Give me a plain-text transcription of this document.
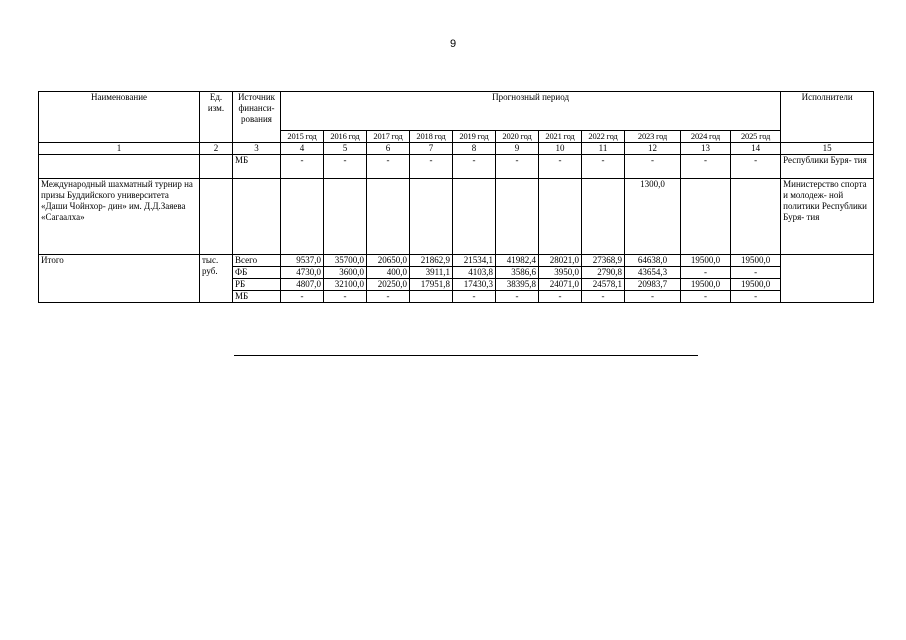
9
Наименование	Ед. изм.	Источник финанси- рования	Прогнозный период											Исполнители
			2015 год	2016 год	2017 год	2018 год	2019 год	2020 год	2021 год	2022 год	2023 год	2024 год	2025 год	
1	2	3	4	5	6	7	8	9	10	11	12	13	14	15
		МБ	-	-	-	-	-	-	-	-	-	-	-	Республики Буря- тия
Международный шахматный турнир на призы Буддийского университета «Даши Чойнхор- дин» им. Д.Д.Заяева «Сагаалха»											1300,0			Министерство спорта и молодеж- ной политики Республики Буря- тия
Итого	тыс. руб.	Всего	9537,0	35700,0	20650,0	21862,9	21534,1	41982,4	28021,0	27368,9	64638,0	19500,0	19500,0	
		ФБ	4730,0	3600,0	400,0	3911,1	4103,8	3586,6	3950,0	2790,8	43654,3	-	-	
		РБ	4807,0	32100,0	20250,0	17951,8	17430,3	38395,8	24071,0	24578,1	20983,7	19500,0	19500,0	
		МБ	-	-	-		-	-	-	-	-	-	-	
